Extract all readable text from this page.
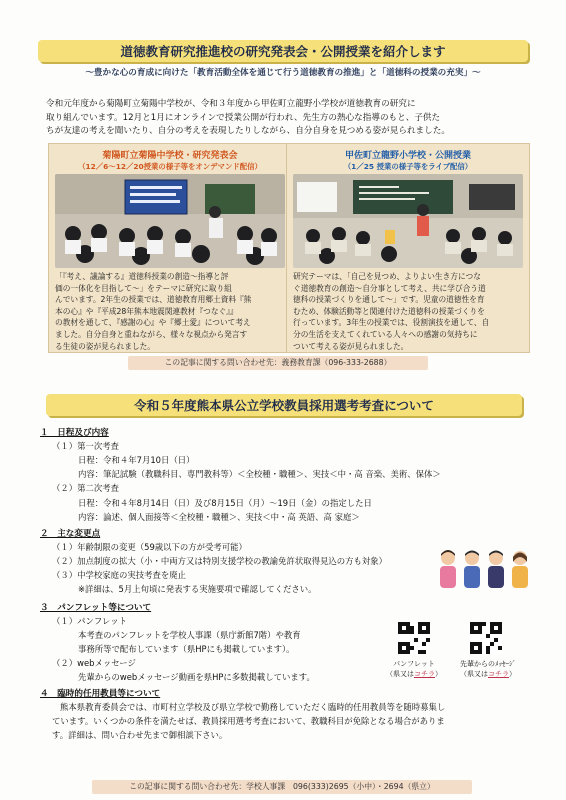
道徳教育研究推進校の研究発表会・公開授業を紹介します
～豊かな心の育成に向けた「教育活動全体を通じて行う道徳教育の推進」と「道徳科の授業の充実」～
令和元年度から菊陽町立菊陽中学校が、令和３年度から甲佐町立龍野小学校が道徳教育の研究に
取り組んでいます。12月と1月にオンラインで授業公開が行われ、先生方の熱心な指導のもと、子供た
ちが友達の考えを聞いたり、自分の考えを表現したりしながら、自分自身を見つめる姿が見られました。
菊陽町立菊陽中学校・研究発表会
（12／6～12／20授業の様子等をオンデマンド配信）
「『考え、議論する』道徳科授業の創造～指導と評
価の一体化を目指して～」をテーマに研究に取り組
んでいます。2年生の授業では、道徳教育用郷土資料『熊
本の心』や『平成28年熊本地震関連教材『つなぐ』』
の教材を通して、『感謝の心』や『郷土愛』について考え
ました。自分自身と重ねながら、様々な視点から発言す
る生徒の姿が見られました。
甲佐町立龍野小学校・公開授業
（1／25 授業の様子等をライブ配信）
研究テーマは、「自己を見つめ、よりよい生き方につな
ぐ道徳教育の創造～自分事として考え、共に学び合う道
徳科の授業づくりを通して～」です。児童の道徳性を育
むため、体験活動等と関連付けた道徳科の授業づくりを
行っています。3年生の授業では、役割演技を通して、自
分の生活を支えてくれている人々への感謝の気持ちに
ついて考える姿が見られました。
この記事に関する問い合わせ先：義務教育課（096-333-2688）
令和５年度熊本県公立学校教員採用選考考査について
１　日程及び内容
（１）第一次考査
日程：令和４年7月10日（日）
内容：筆記試験（教職科目、専門教科等）＜全校種・職種＞、実技＜中・高 音楽、美術、保体＞
（２）第二次考査
日程：令和４年8月14日（日）及び8月15日（月）～19日（金）の指定した日
内容：論述、個人面接等＜全校種・職種＞、実技＜中・高 英語、高 家庭＞
２　主な変更点
（１）年齢制限の変更（59歳以下の方が受考可能）
（２）加点制度の拡大（小・中両方又は特別支援学校の教諭免許状取得見込の方も対象）
（３）中学校家庭の実技考査を廃止
※詳細は、5月上旬頃に発表する実施要項で確認してください。
３　パンフレット等について
（１）パンフレット
本考査のパンフレットを学校人事課（県庁新館7階）や教育
事務所等で配布しています（県HPにも掲載しています）。
（２）webメッセージ
先輩からのwebメッセージ動画を県HPに多数掲載しています。
４　臨時的任用教員等について
熊本県教育委員会では、市町村立学校及び県立学校で勤務していただく臨時的任用教員等を随時募集し
ています。いくつかの条件を満たせば、教員採用選考考査において、教職科目が免除となる場合がありま
す。詳細は、問い合わせ先まで御相談下さい。
パンフレット
（県又はコチラ）
先輩からのﾒｯｾｰｼﾞ
（県又はコチラ）
この記事に関する問い合わせ先：学校人事課　096(333)2695（小中）・2694（県立）
